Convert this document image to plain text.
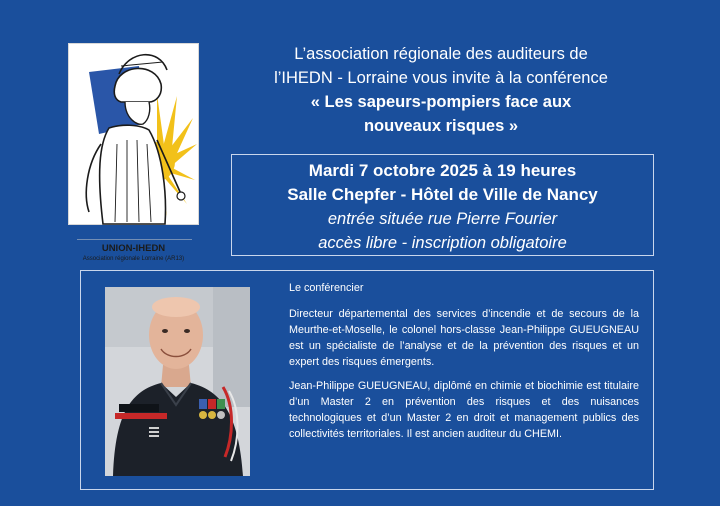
UNION-IHEDN
Association régionale Lorraine (AR13)
L’association régionale des auditeurs de
l’IHEDN - Lorraine vous invite à la conférence
« Les sapeurs-pompiers face aux
nouveaux risques »
Mardi 7 octobre 2025 à 19 heures
Salle Chepfer - Hôtel de Ville de Nancy
entrée située rue Pierre Fourier
accès libre - inscription obligatoire

Le conférencier

Directeur départemental des services d’incendie et de secours de la Meurthe-et-Moselle, le colonel hors-classe Jean-Philippe GUEUGNEAU est un spécialiste de l’analyse et de la prévention des risques et un expert des risques émergents.

Jean-Philippe GUEUGNEAU, diplômé en chimie et biochimie est titulaire d’un Master 2 en prévention des risques et des nuisances technologiques et d’un Master 2 en droit et management publics des collectivités territoriales. Il est ancien auditeur du CHEMI.
